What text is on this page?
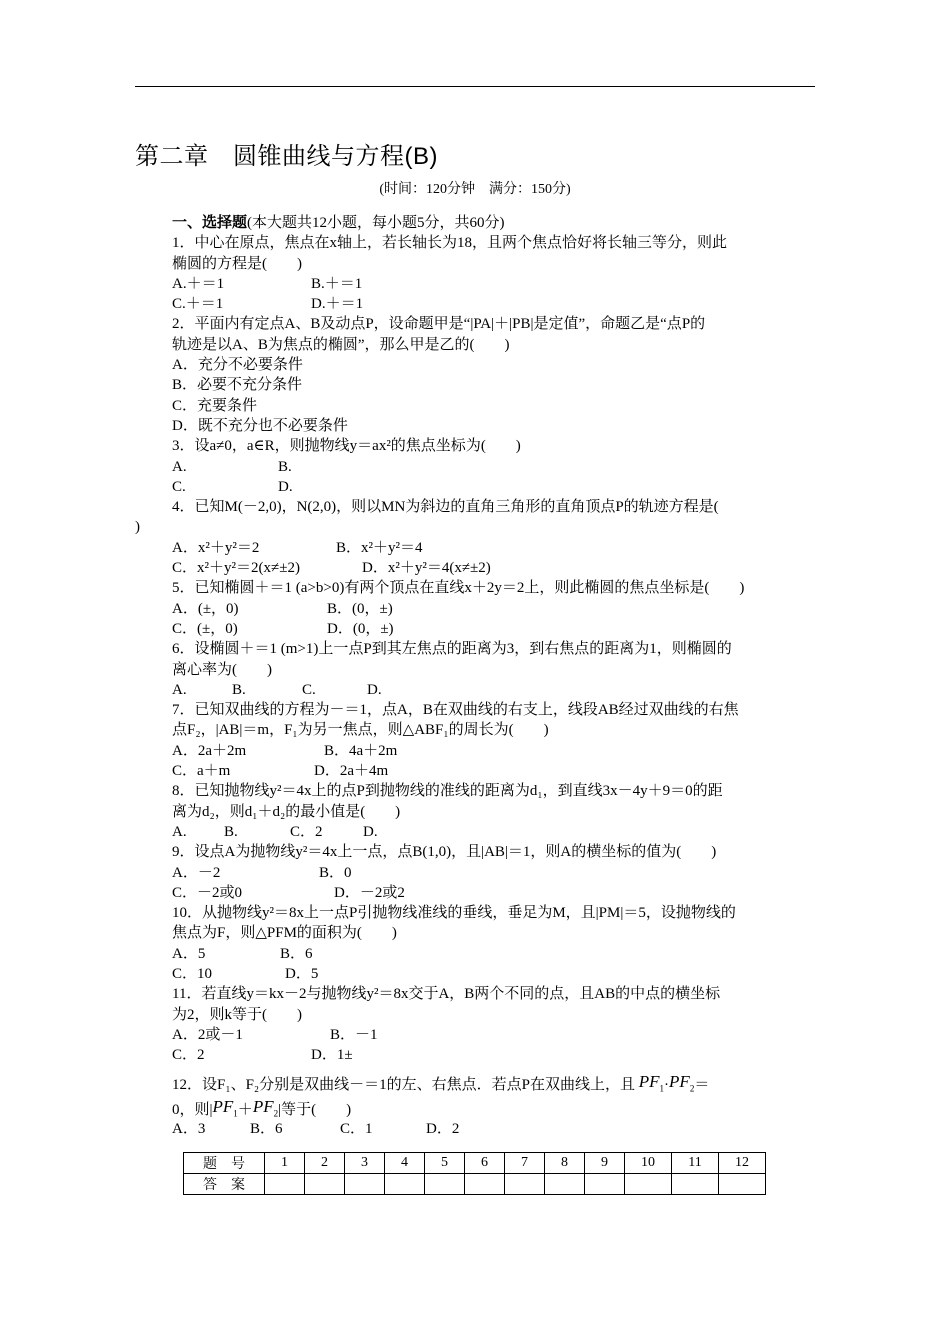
第二章　圆锥曲线与方程(B)
(时间：120分钟　满分：150分)
一、选择题(本大题共12小题，每小题5分，共60分)
1．中心在原点，焦点在x轴上，若长轴长为18，且两个焦点恰好将长轴三等分，则此
椭圆的方程是(　　)
A.＋＝1	B.＋＝1
C.＋＝1	D.＋＝1
2．平面内有定点A、B及动点P，设命题甲是“|PA|＋|PB|是定值”，命题乙是“点P的
轨迹是以A、B为焦点的椭圆”，那么甲是乙的(　　)
A．充分不必要条件
B．必要不充分条件
C．充要条件
D．既不充分也不必要条件
3．设a≠0，a∈R，则抛物线y＝ax²的焦点坐标为(　　)
A.	B.
C.	D.
4．已知M(－2,0)，N(2,0)，则以MN为斜边的直角三角形的直角顶点P的轨迹方程是(
)
A．x²＋y²＝2	B．x²＋y²＝4
C．x²＋y²＝2(x≠±2)	D．x²＋y²＝4(x≠±2)
5．已知椭圆＋＝1 (a>b>0)有两个顶点在直线x＋2y＝2上，则此椭圆的焦点坐标是(　　)
A．(±，0)	B．(0，±)
C．(±，0)	D．(0，±)
6．设椭圆＋＝1 (m>1)上一点P到其左焦点的距离为3，到右焦点的距离为1，则椭圆的
离心率为(　　)
A.	B.	C.	D.
7．已知双曲线的方程为－＝1，点A，B在双曲线的右支上，线段AB经过双曲线的右焦
点F₂，|AB|＝m，F₁为另一焦点，则△ABF₁的周长为(　　)
A．2a＋2m	B．4a＋2m
C．a＋m	D．2a＋4m
8．已知抛物线y²＝4x上的点P到抛物线的准线的距离为d₁，到直线3x－4y＋9＝0的距
离为d₂，则d₁＋d₂的最小值是(　　)
A. B.	C．2	D.
9．设点A为抛物线y²＝4x上一点，点B(1,0)，且|AB|＝1，则A的横坐标的值为(　　)
A．－2	B．0
C．－2或0	D．－2或2
10．从抛物线y²＝8x上一点P引抛物线准线的垂线，垂足为M，且|PM|＝5，设抛物线的
焦点为F，则△PFM的面积为(　　)
A．5	B．6
C．10	D．5
11．若直线y＝kx－2与抛物线y²＝8x交于A，B两个不同的点，且AB的中点的横坐标
为2，则k等于(　　)
A．2或－1	B．－1
C．2	D．1±
12．设F₁、F₂分别是双曲线－＝1的左、右焦点．若点P在双曲线上，且 $PF_1\cdot PF_2=$
0，则$|PF_1+PF_2|$等于(　　)
A．3	B．6	C．1	D．2
题　号	1	2	3	4	5	6	7	8	9	10	11	12
答　案												
